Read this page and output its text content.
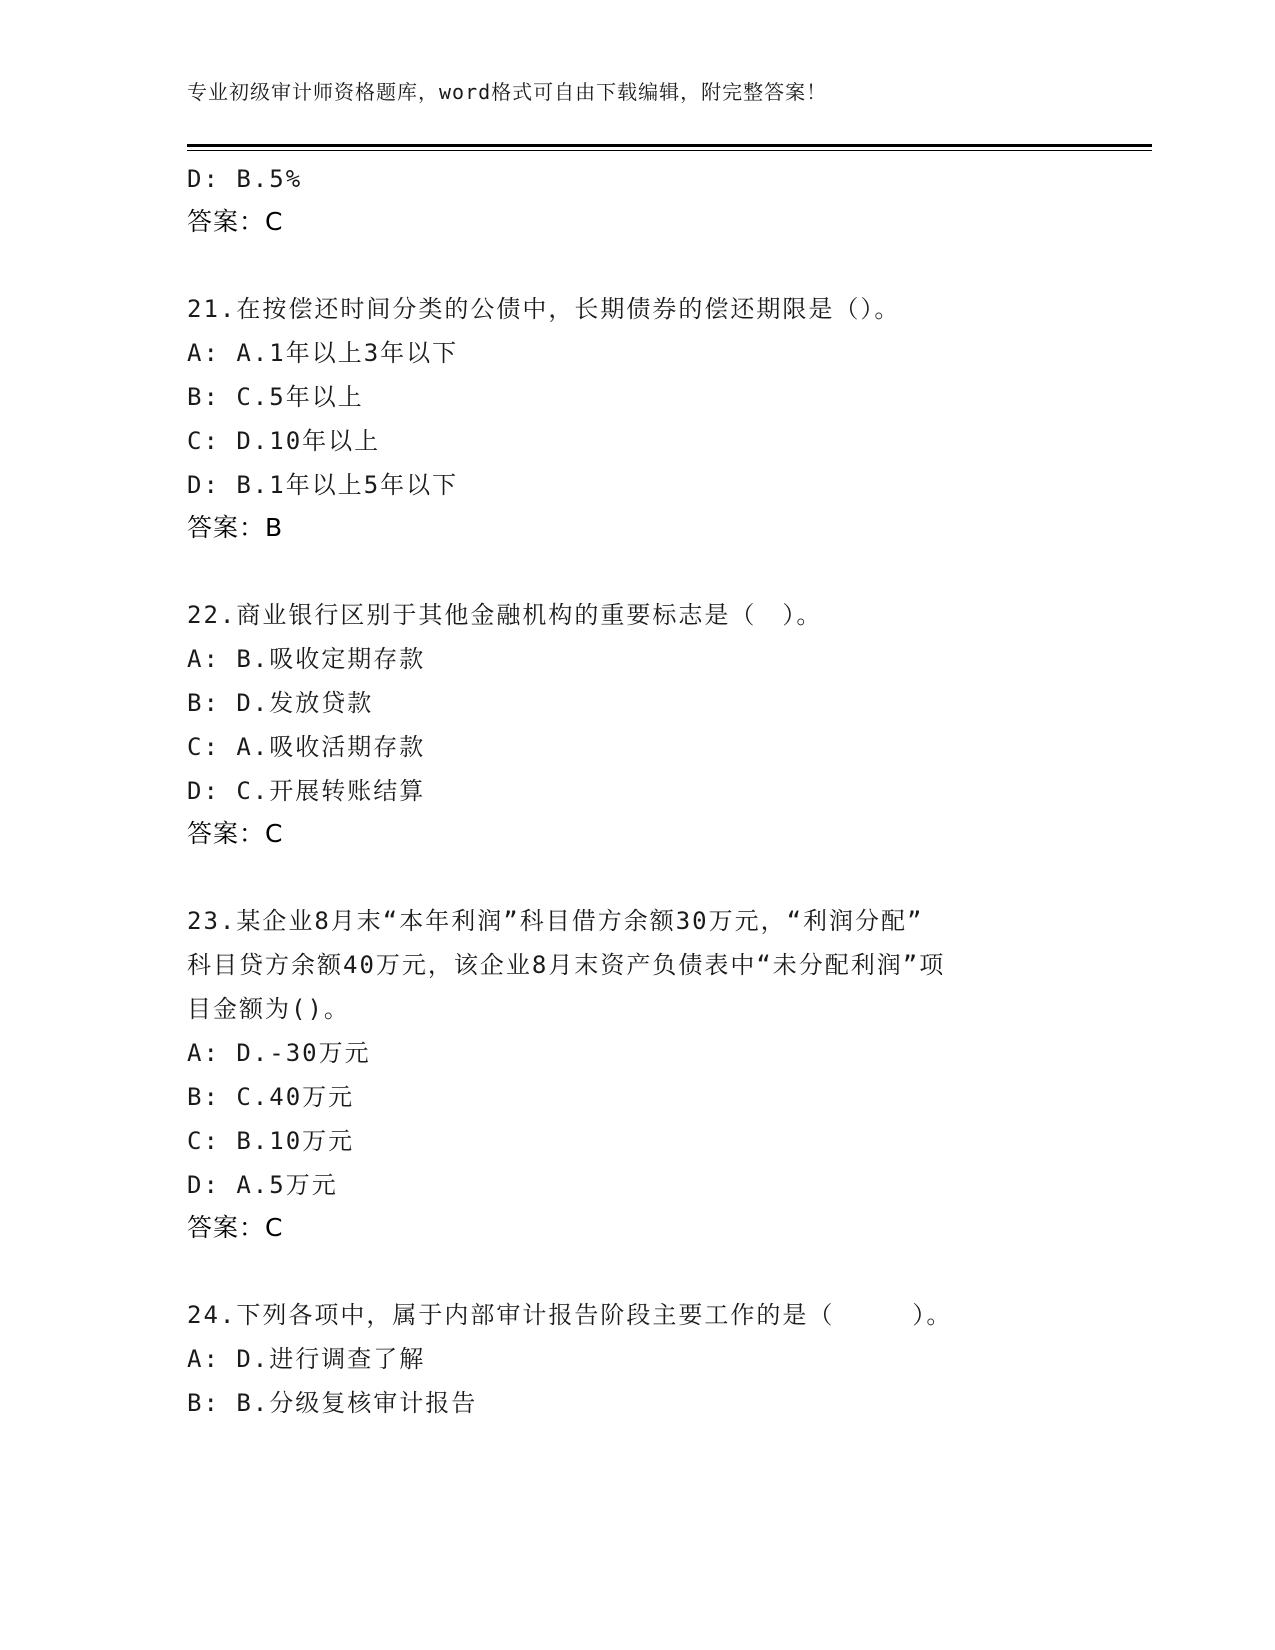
专业初级审计师资格题库，word格式可自由下载编辑，附完整答案！
D: B.5%
答案：C
21.在按偿还时间分类的公债中，长期债券的偿还期限是（）。
A: A.1年以上3年以下
B: C.5年以上
C: D.10年以上
D: B.1年以上5年以下
答案：B
22.商业银行区别于其他金融机构的重要标志是（　）。
A: B.吸收定期存款
B: D.发放贷款
C: A.吸收活期存款
D: C.开展转账结算
答案：C
23.某企业8月末“本年利润”科目借方余额30万元，“利润分配”
科目贷方余额40万元，该企业8月末资产负债表中“未分配利润”项
目金额为()。
A: D.-30万元
B: C.40万元
C: B.10万元
D: A.5万元
答案：C
24.下列各项中，属于内部审计报告阶段主要工作的是（　　　）。
A: D.进行调查了解
B: B.分级复核审计报告
